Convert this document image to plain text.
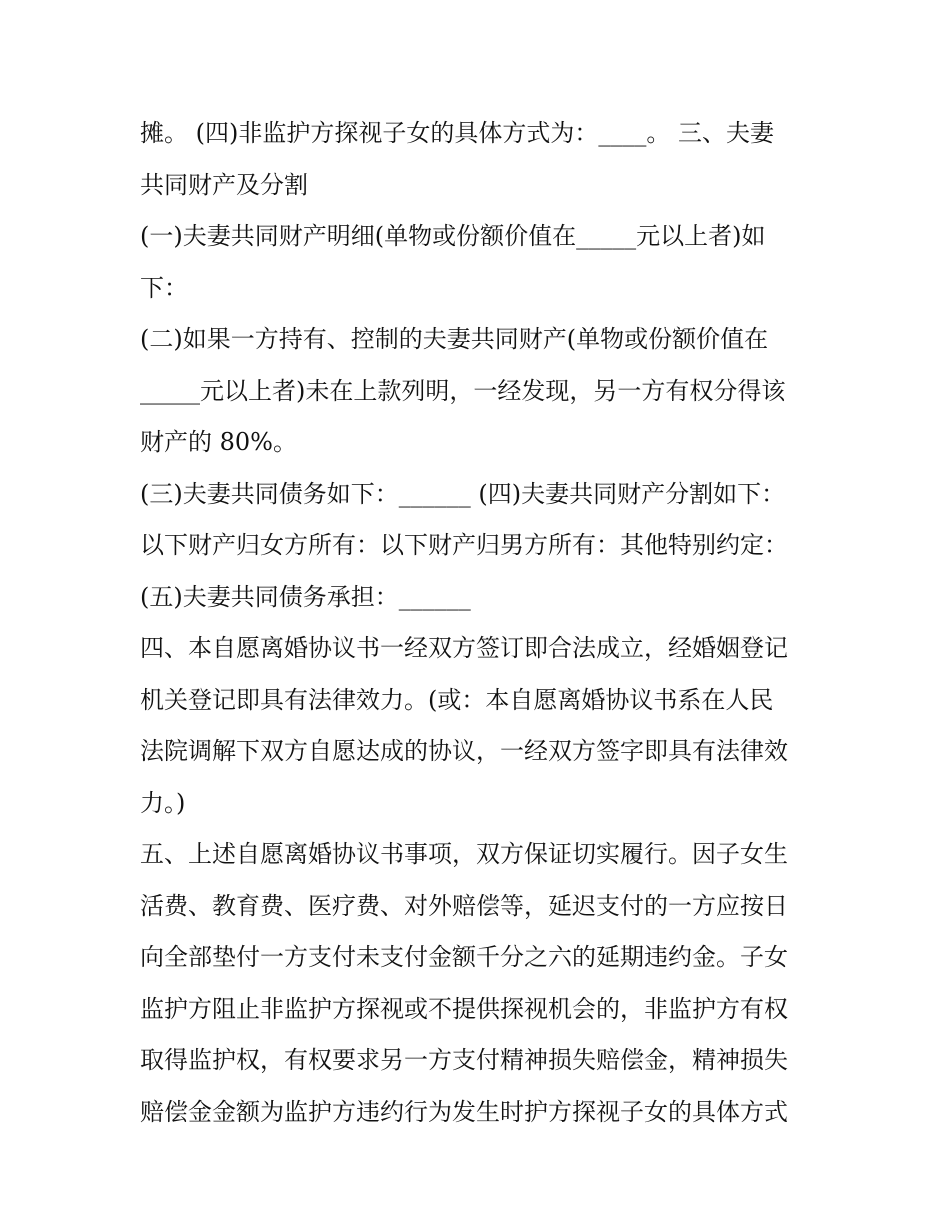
摊。 (四)非监护方探视子女的具体方式为：____。 三、夫妻
共同财产及分割
(一)夫妻共同财产明细(单物或份额价值在_____元以上者)如
下：
(二)如果一方持有、控制的夫妻共同财产(单物或份额价值在
_____元以上者)未在上款列明，一经发现，另一方有权分得该
财产的 80%。
(三)夫妻共同债务如下：______ (四)夫妻共同财产分割如下：
以下财产归女方所有：以下财产归男方所有：其他特别约定：
(五)夫妻共同债务承担：______
四、本自愿离婚协议书一经双方签订即合法成立，经婚姻登记
机关登记即具有法律效力。(或：本自愿离婚协议书系在人民
法院调解下双方自愿达成的协议，一经双方签字即具有法律效
力。)
五、上述自愿离婚协议书事项，双方保证切实履行。因子女生
活费、教育费、医疗费、对外赔偿等，延迟支付的一方应按日
向全部垫付一方支付未支付金额千分之六的延期违约金。子女
监护方阻止非监护方探视或不提供探视机会的，非监护方有权
取得监护权，有权要求另一方支付精神损失赔偿金，精神损失
赔偿金金额为监护方违约行为发生时护方探视子女的具体方式
